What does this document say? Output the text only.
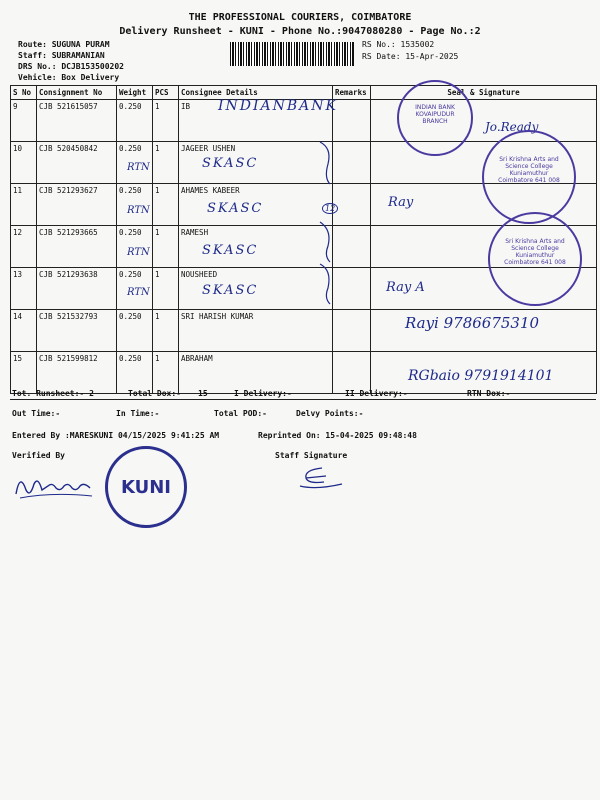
THE PROFESSIONAL COURIERS, COIMBATORE
Delivery Runsheet - KUNI - Phone No.:9047080280 - Page No.:2
Route: SUGUNA PURAM
Staff: SUBRAMANIAN
DRS No.: DCJB153500202
Vehicle: Box Delivery
RS No.: 1535002
RS Date: 15-Apr-2025
S No	Consignment No	Weight	PCS	Consignee Details	Remarks	Seal & Signature
9	CJB 521615057	0.250	1	IB		
10	CJB 520450842	0.250	1	JAGEER USHEN		
11	CJB 521293627	0.250	1	AHAMES KABEER		
12	CJB 521293665	0.250	1	RAMESH		
13	CJB 521293638	0.250	1	NOUSHEED		
14	CJB 521532793	0.250	1	SRI HARISH KUMAR		
15	CJB 521599812	0.250	1	ABRAHAM		
INDIANBANK
Jo.Ready
RTN	SKASC
RTN	SKASC	Ray
RTN	SKASC
12
RTN	SKASC	Ray A
Rayi 9786675310
RGbaio 9791914101
INDIAN BANK KOVAIPUDUR BRANCH
Sri Krishna Arts and Science College Kuniamuthur Coimbatore 641 008
Sri Krishna Arts and Science College Kuniamuthur Coimbatore 641 008
Tot. Runsheet:- 2	Total Dox:- 15	I Delivery:-	II Delivery:-	RTN Dox:-
Out Time:-	In Time:-	Total POD:-	Delvy Points:-
Entered By :MARESKUNI 04/15/2025 9:41:25 AM	Reprinted On: 15-04-2025 09:48:48
Verified By	Staff Signature
KUNI
